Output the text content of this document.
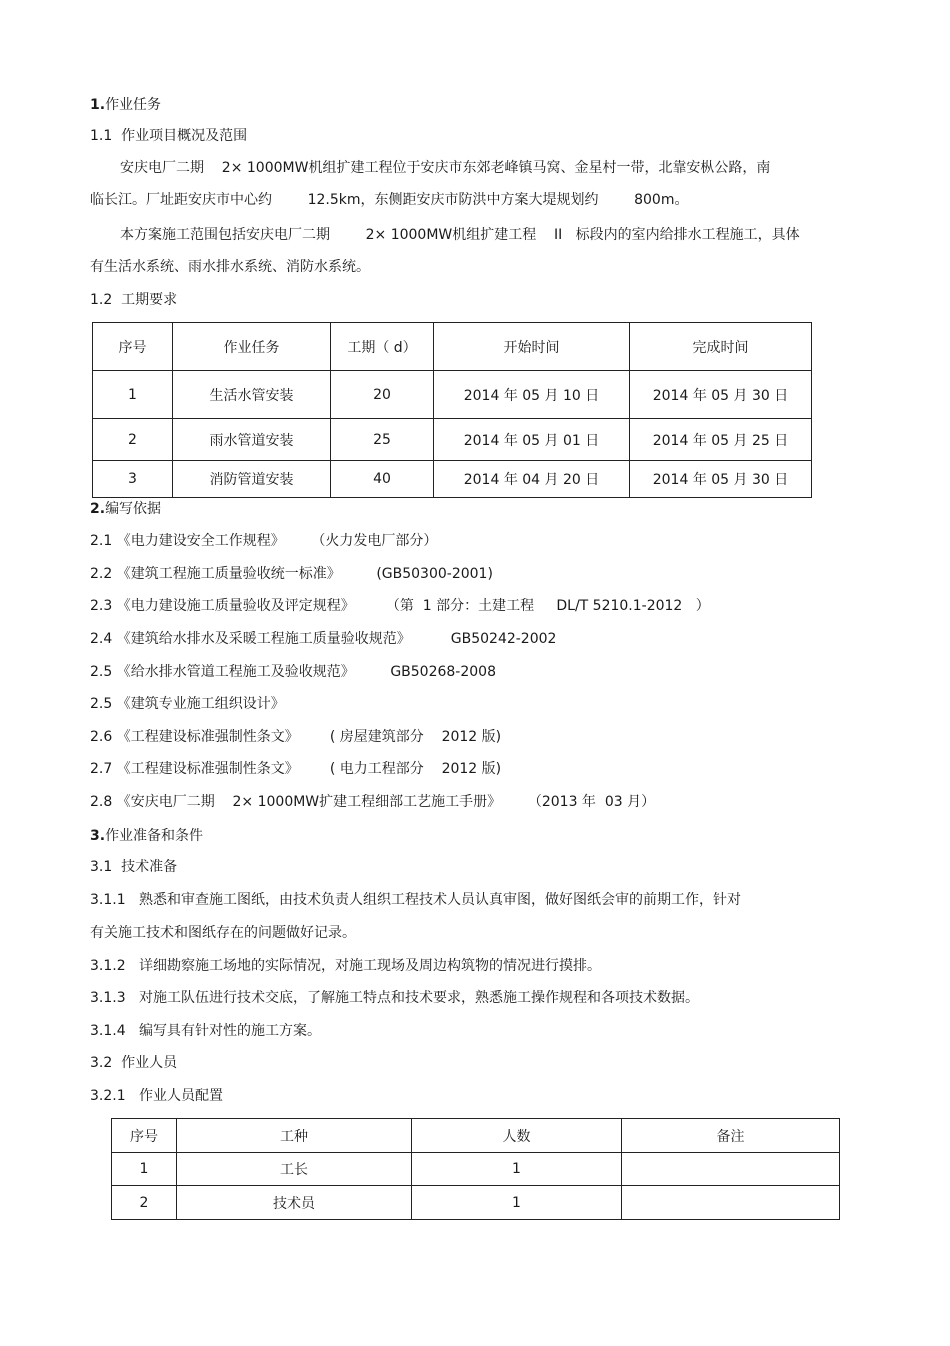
1.作业任务
1.1  作业项目概况及范围
安庆电厂二期    2× 1000MW机组扩建工程位于安庆市东郊老峰镇马窝、金星村一带，北靠安枞公路，南
临长江。厂址距安庆市中心约        12.5km，东侧距安庆市防洪中方案大堤规划约        800m。
本方案施工范围包括安庆电厂二期        2× 1000MW机组扩建工程    II   标段内的室内给排水工程施工，具体
有生活水系统、雨水排水系统、消防水系统。
1.2  工期要求
序号	作业任务	工期（ d）	开始时间	完成时间
1	生活水管安装	20	2014 年 05 月 10 日	2014 年 05 月 30 日
2	雨水管道安装	25	2014 年 05 月 01 日	2014 年 05 月 25 日
3	消防管道安装	40	2014 年 04 月 20 日	2014 年 05 月 30 日
2.编写依据
2.1 《电力建设安全工作规程》      （火力发电厂部分）
2.2 《建筑工程施工质量验收统一标准》        (GB50300-2001)
2.3 《电力建设施工质量验收及评定规程》       （第  1 部分：土建工程     DL/T 5210.1-2012   ）
2.4 《建筑给水排水及采暖工程施工质量验收规范》         GB50242-2002
2.5 《给水排水管道工程施工及验收规范》        GB50268-2008
2.5 《建筑专业施工组织设计》
2.6 《工程建设标准强制性条文》       ( 房屋建筑部分    2012 版)
2.7 《工程建设标准强制性条文》       ( 电力工程部分    2012 版)
2.8 《安庆电厂二期    2× 1000MW扩建工程细部工艺施工手册》      （2013 年  03 月）
3.作业准备和条件
3.1  技术准备
3.1.1   熟悉和审查施工图纸，由技术负责人组织工程技术人员认真审图，做好图纸会审的前期工作，针对
有关施工技术和图纸存在的问题做好记录。
3.1.2   详细勘察施工场地的实际情况，对施工现场及周边构筑物的情况进行摸排。
3.1.3   对施工队伍进行技术交底，了解施工特点和技术要求，熟悉施工操作规程和各项技术数据。
3.1.4   编写具有针对性的施工方案。
3.2  作业人员
3.2.1   作业人员配置
序号	工种	人数	备注
1	工长	1	
2	技术员	1	
